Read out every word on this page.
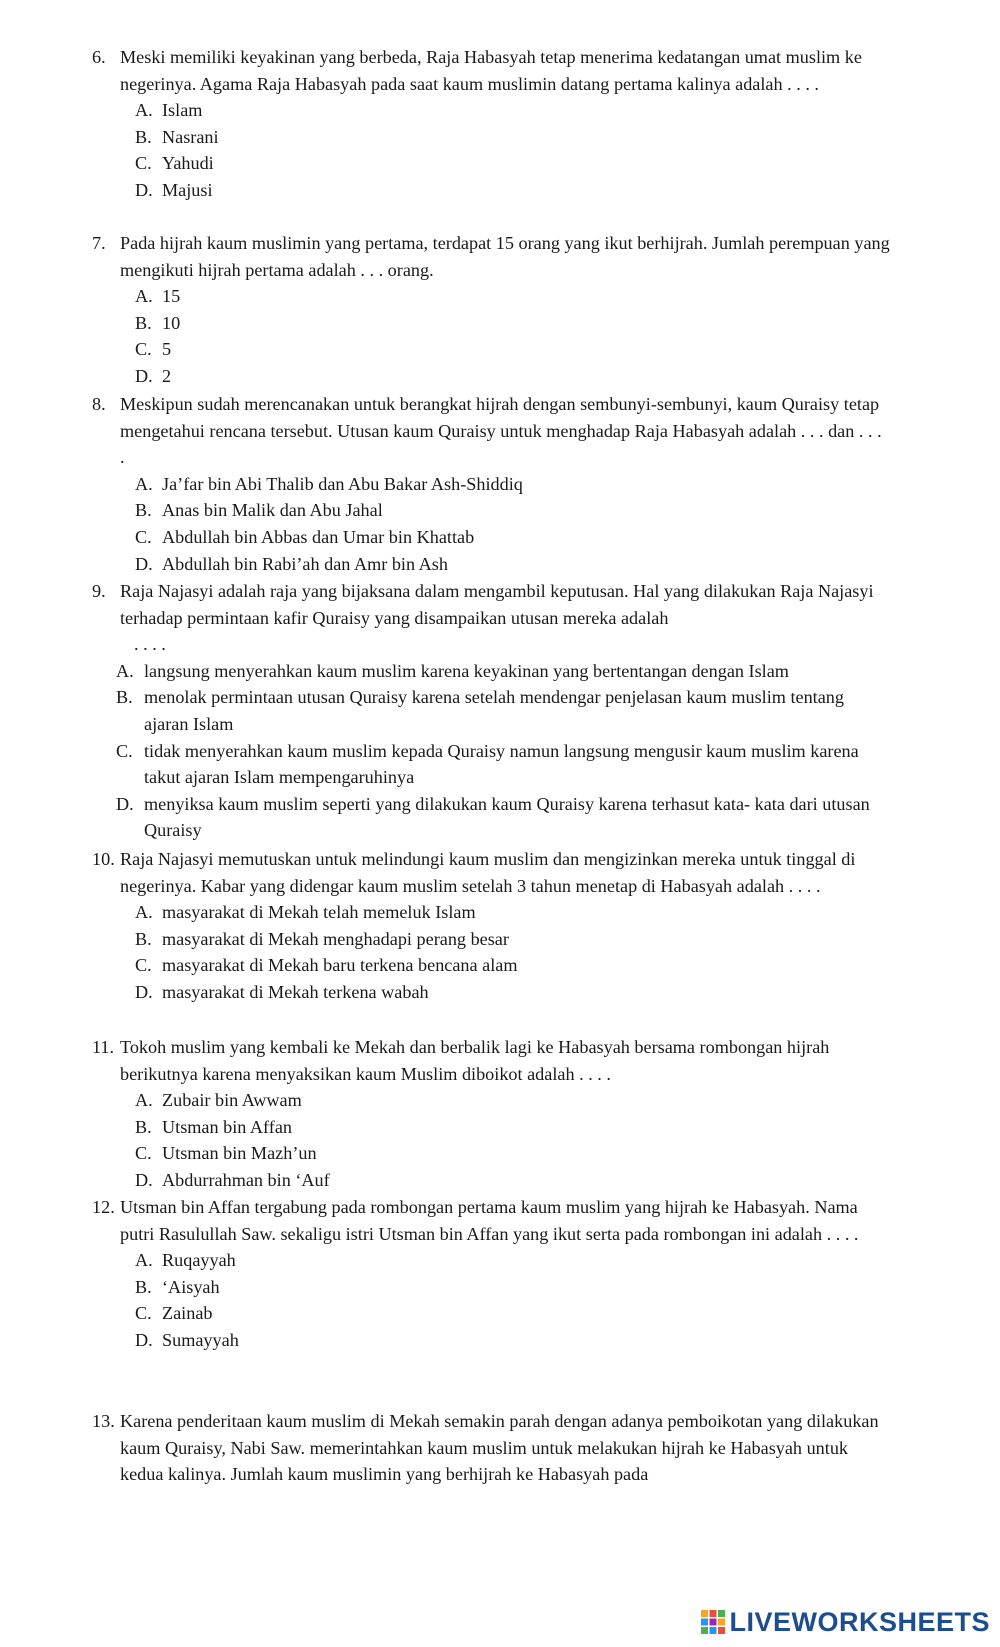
6. Meski memiliki keyakinan yang berbeda, Raja Habasyah tetap menerima kedatangan umat muslim ke negerinya. Agama Raja Habasyah pada saat kaum muslimin datang pertama kalinya adalah . . . .
A. Islam
B. Nasrani
C. Yahudi
D. Majusi
7. Pada hijrah kaum muslimin yang pertama, terdapat 15 orang yang ikut berhijrah. Jumlah perempuan yang mengikuti hijrah pertama adalah . . . orang.
A. 15
B. 10
C. 5
D. 2
8. Meskipun sudah merencanakan untuk berangkat hijrah dengan sembunyi-sembunyi, kaum Quraisy tetap mengetahui rencana tersebut. Utusan kaum Quraisy untuk menghadap Raja Habasyah adalah . . . dan . . . .
A. Ja’far bin Abi Thalib dan Abu Bakar Ash-Shiddiq
B. Anas bin Malik dan Abu Jahal
C. Abdullah bin Abbas dan Umar bin Khattab
D. Abdullah bin Rabi’ah dan Amr bin Ash
9. Raja Najasyi adalah raja yang bijaksana dalam mengambil keputusan. Hal yang dilakukan Raja Najasyi terhadap permintaan kafir Quraisy yang disampaikan utusan mereka adalah
. . . .
A. langsung menyerahkan kaum muslim karena keyakinan yang bertentangan dengan Islam
B. menolak permintaan utusan Quraisy karena setelah mendengar penjelasan kaum muslim tentang ajaran Islam
C. tidak menyerahkan kaum muslim kepada Quraisy namun langsung mengusir kaum muslim karena takut ajaran Islam mempengaruhinya
D. menyiksa kaum muslim seperti yang dilakukan kaum Quraisy karena terhasut kata- kata dari utusan Quraisy
10. Raja Najasyi memutuskan untuk melindungi kaum muslim dan mengizinkan mereka untuk tinggal di negerinya. Kabar yang didengar kaum muslim setelah 3 tahun menetap di Habasyah adalah . . . .
A. masyarakat di Mekah telah memeluk Islam
B. masyarakat di Mekah menghadapi perang besar
C. masyarakat di Mekah baru terkena bencana alam
D. masyarakat di Mekah terkena wabah
11. Tokoh muslim yang kembali ke Mekah dan berbalik lagi ke Habasyah bersama rombongan hijrah berikutnya karena menyaksikan kaum Muslim diboikot adalah . . . .
A. Zubair bin Awwam
B. Utsman bin Affan
C. Utsman bin Mazh’un
D. Abdurrahman bin ‘Auf
12. Utsman bin Affan tergabung pada rombongan pertama kaum muslim yang hijrah ke Habasyah. Nama putri Rasulullah Saw. sekaligu istri Utsman bin Affan yang ikut serta pada rombongan ini adalah . . . .
A. Ruqayyah
B. ‘Aisyah
C. Zainab
D. Sumayyah
13. Karena penderitaan kaum muslim di Mekah semakin parah dengan adanya pemboikotan yang dilakukan kaum Quraisy, Nabi Saw. memerintahkan kaum muslim untuk melakukan hijrah ke Habasyah untuk kedua kalinya. Jumlah kaum muslimin yang berhijrah ke Habasyah pada
LIVEWORKSHEETS
